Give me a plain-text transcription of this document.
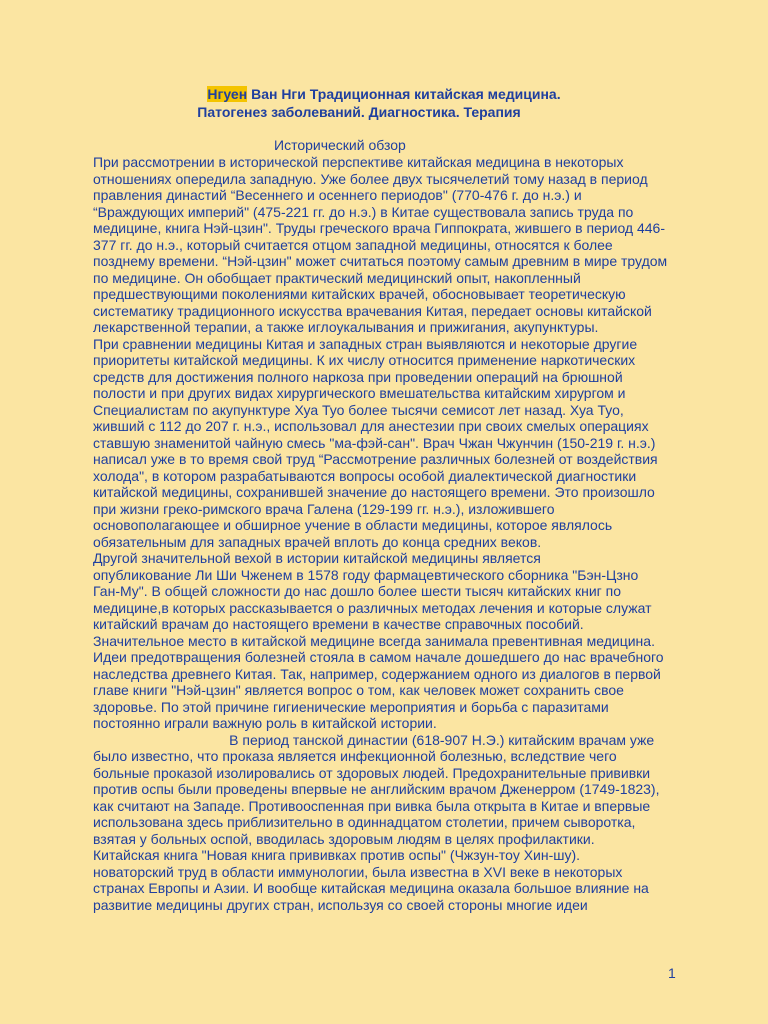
Нгуен Ван Нги Традиционная китайская медицина.
Патогенез заболеваний. Диагностика. Терапия
Исторический обзор
При рассмотрении в исторической перспективе китайская медицина в некоторых
отношениях опередила западную. Уже более двух тысячелетий тому назад в период
правления династий “Весеннего и осеннего периодов" (770-476 г. до н.э.) и
“Враждующих империй" (475-221 гг. до н.э.) в Китае существовала запись труда по
медицине, книга Нэй-цзин". Труды греческого врача Гиппократа, жившего в период 446-
377 гг. до н.э., который считается отцом западной медицины, относятся к более
позднему времени. “Нэй-цзин" может считаться поэтому самым древним в мире трудом
по медицине. Он обобщает практический медицинский опыт, накопленный
предшествующими поколениями китайских врачей, обосновывает теоретическую
систематику традиционного искусства врачевания Китая, передает основы китайской
лекарственной терапии, а также иглоукалывания и прижигания, акупунктуры.
При сравнении медицины Китая и западных стран выявляются и некоторые другие
приоритеты китайской медицины. К их числу относится применение наркотических
средств для достижения полного наркоза при проведении операций на брюшной
полости и при других видах хирургического вмешательства китайским хирургом и
Специалистам по акупунктуре Хуа Туо более тысячи семисот лет назад. Хуа Туо,
живший с 112 до 207 г. н.э., использовал для анестезии при своих смелых операциях
ставшую знаменитой чайную смесь "ма-фэй-сан". Врач Чжан Чжунчин (150-219 г. н.э.)
написал уже в то время свой труд “Рассмотрение различных болезней от воздействия
холода", в котором разрабатываются вопросы особой диалектической диагностики
китайской медицины, сохранившей значение до настоящего времени. Это произошло
при жизни греко-римского врача Галена (129-199 гг. н.э.), изложившего
основополагающее и обширное учение в области медицины, которое являлось
обязательным для западных врачей вплоть до конца средних веков.
Другой значительной вехой в истории китайской медицины является
опубликование Ли Ши Чженем в 1578 году фармацевтического сборника "Бэн-Цзно
Ган-Му". В общей сложности до нас дошло более шести тысяч китайских книг по
медицине,в которых рассказывается о различных методах лечения и которые служат
китайский врачам до настоящего времени в качестве справочных пособий.
Значительное место в китайской медицине всегда занимала превентивная медицина.
Идеи предотвращения болезней стояла в самом начале дошедшего до нас врачебного
наследства древнего Китая. Так, например, содержанием одного из диалогов в первой
главе книги "Нэй-цзин" является вопрос о том, как человек может сохранить свое
здоровье. По этой причине гигиенические мероприятия и борьба с паразитами
постоянно играли важную роль в китайской истории.
В период танской династии (618-907 Н.Э.) китайским врачам уже
было известно, что проказа является инфекционной болезнью, вследствие чего
больные проказой изолировались от здоровых людей. Предохранительные прививки
против оспы были проведены впервые не английским врачом Дженерром (1749-1823),
как считают на Западе. Противооспенная при вивка была открыта в Китае и впервые
использована здесь приблизительно в одиннадцатом столетии, причем сыворотка,
взятая у больных оспой, вводилась здоровым людям в целях профилактики.
Китайская книга "Новая книга прививках против оспы" (Чжзун-тоу Хин-шу).
новаторский труд в области иммунологии, была известна в XVI веке в некоторых
странах Европы и Азии. И вообще китайская медицина оказала большое влияние на
развитие медицины других стран, используя со своей стороны многие идеи
1
